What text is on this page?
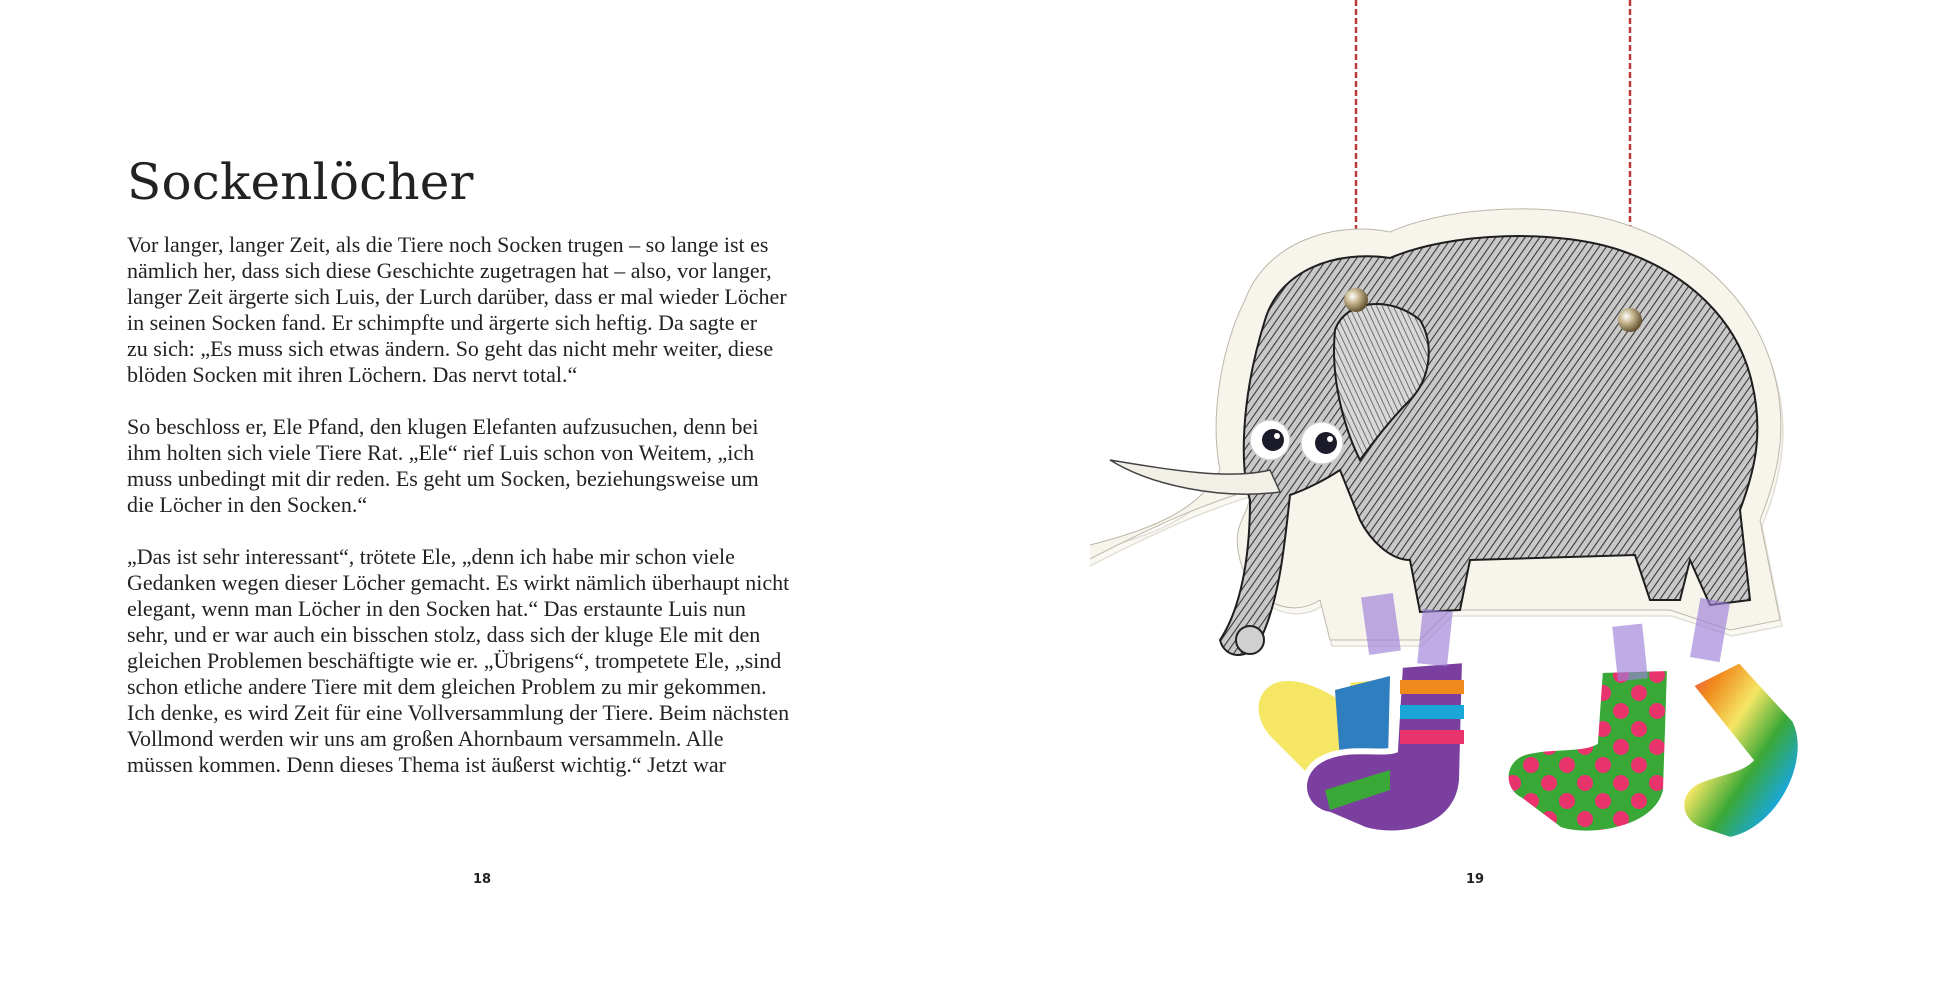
Sockenlöcher

Vor langer, langer Zeit, als die Tiere noch Socken trugen – so lange ist es
nämlich her, dass sich diese Geschichte zugetragen hat – also, vor langer,
langer Zeit ärgerte sich Luis, der Lurch darüber, dass er mal wieder Löcher
in seinen Socken fand. Er schimpfte und ärgerte sich heftig. Da sagte er
zu sich: „Es muss sich etwas ändern. So geht das nicht mehr weiter, diese
blöden Socken mit ihren Löchern. Das nervt total.“

So beschloss er, Ele Pfand, den klugen Elefanten aufzusuchen, denn bei
ihm holten sich viele Tiere Rat. „Ele“ rief Luis schon von Weitem, „ich
muss unbedingt mit dir reden. Es geht um Socken, beziehungsweise um
die Löcher in den Socken.“

„Das ist sehr interessant“, trötete Ele, „denn ich habe mir schon viele
Gedanken wegen dieser Löcher gemacht. Es wirkt nämlich überhaupt nicht
elegant, wenn man Löcher in den Socken hat.“ Das erstaunte Luis nun
sehr, und er war auch ein bisschen stolz, dass sich der kluge Ele mit den
gleichen Problemen beschäftigte wie er. „Übrigens“, trompetete Ele, „sind
schon etliche andere Tiere mit dem gleichen Problem zu mir gekommen.
Ich denke, es wird Zeit für eine Vollversammlung der Tiere. Beim nächsten
Vollmond werden wir uns am großen Ahornbaum versammeln. Alle
müssen kommen. Denn dieses Thema ist äußerst wichtig.“ Jetzt war

18	19
